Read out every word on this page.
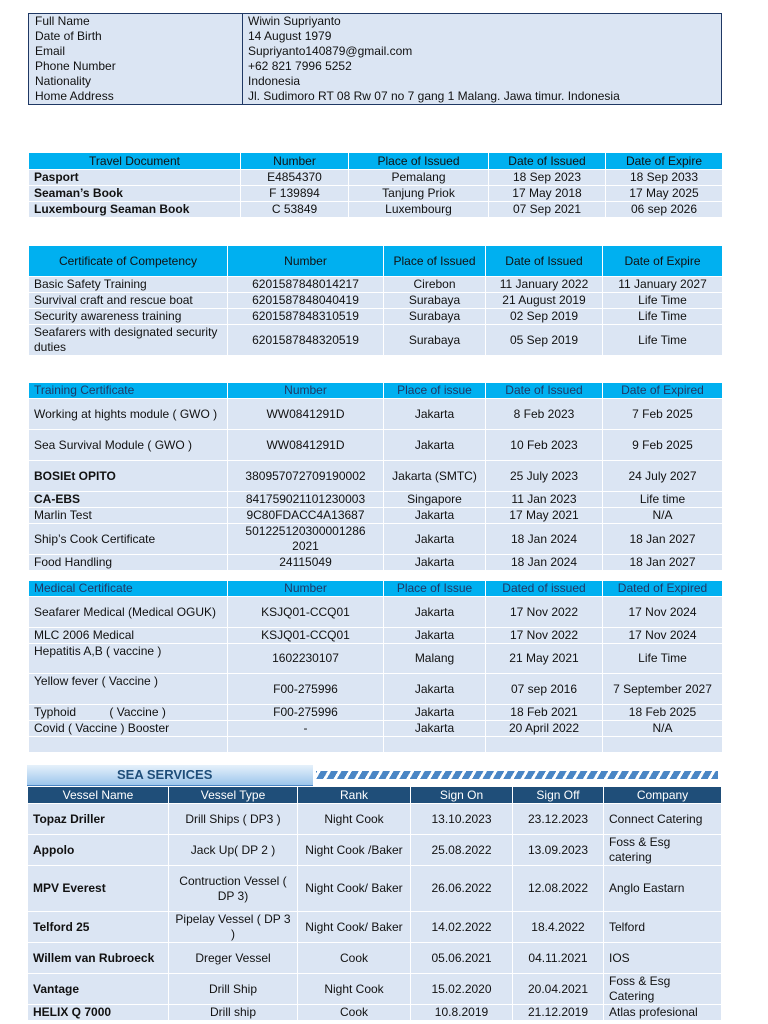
Full Name	Wiwin Supriyanto
Date of Birth	14 August 1979
Email	Supriyanto140879@gmail.com
Phone Number	+62 821 7996 5252
Nationality	Indonesia
Home Address	Jl. Sudimoro RT 08 Rw 07 no 7 gang 1 Malang. Jawa timur. Indonesia
Travel Document	Number	Place of Issued	Date of Issued	Date of Expire
Pasport	E4854370	Pemalang	18 Sep 2023	18 Sep 2033
Seaman’s Book	F 139894	Tanjung Priok	17 May 2018	17 May 2025
Luxembourg Seaman Book	C 53849	Luxembourg	07 Sep 2021	06 sep 2026
Certificate of Competency	Number	Place of Issued	Date of Issued	Date of Expire
Basic Safety Training	6201587848014217	Cirebon	11 January 2022	11 January 2027
Survival craft and rescue boat	6201587848040419	Surabaya	21 August 2019	Life Time
Security awareness training	6201587848310519	Surabaya	02 Sep 2019	Life Time
Seafarers with designated security duties	6201587848320519	Surabaya	05 Sep 2019	Life Time
Training Certificate	Number	Place of issue	Date of Issued	Date of Expired
Working at hights module ( GWO )	WW0841291D	Jakarta	8 Feb 2023	7 Feb 2025
Sea Survival Module ( GWO )	WW0841291D	Jakarta	10 Feb 2023	9 Feb 2025
BOSIEt OPITO	380957072709190002	Jakarta (SMTC)	25 July 2023	24 July 2027
CA-EBS	841759021101230003	Singapore	11 Jan 2023	Life time
Marlin Test	9C80FDACC4A13687	Jakarta	17 May 2021	N/A
Ship’s Cook Certificate	501225120300001286 2021	Jakarta	18 Jan 2024	18 Jan 2027
Food Handling	24115049	Jakarta	18 Jan 2024	18 Jan 2027
Medical Certificate	Number	Place of Issue	Dated of issued	Dated of Expired
Seafarer Medical (Medical OGUK)	KSJQ01-CCQ01	Jakarta	17 Nov 2022	17 Nov 2024
MLC 2006 Medical	KSJQ01-CCQ01	Jakarta	17 Nov 2022	17 Nov 2024
Hepatitis A,B ( vaccine )	1602230107	Malang	21 May 2021	Life Time
Yellow fever ( Vaccine )	F00-275996	Jakarta	07 sep 2016	7 September 2027
Typhoid          ( Vaccine )	F00-275996	Jakarta	18 Feb 2021	18 Feb 2025
Covid ( Vaccine ) Booster	-	Jakarta	20 April 2022	N/A

SEA SERVICES
Vessel Name	Vessel Type	Rank	Sign On	Sign Off	Company
Topaz Driller	Drill Ships ( DP3 )	Night Cook	13.10.2023	23.12.2023	Connect Catering
Appolo	Jack Up( DP 2 )	Night Cook /Baker	25.08.2022	13.09.2023	Foss & Esg catering
MPV Everest	Contruction Vessel ( DP 3)	Night Cook/ Baker	26.06.2022	12.08.2022	Anglo Eastarn
Telford 25	Pipelay Vessel ( DP 3 )	Night Cook/ Baker	14.02.2022	18.4.2022	Telford
Willem van Rubroeck	Dreger Vessel	Cook	05.06.2021	04.11.2021	IOS
Vantage	Drill Ship	Night Cook	15.02.2020	20.04.2021	Foss & Esg Catering
HELIX Q 7000	Drill ship	Cook	10.8.2019	21.12.2019	Atlas profesional
